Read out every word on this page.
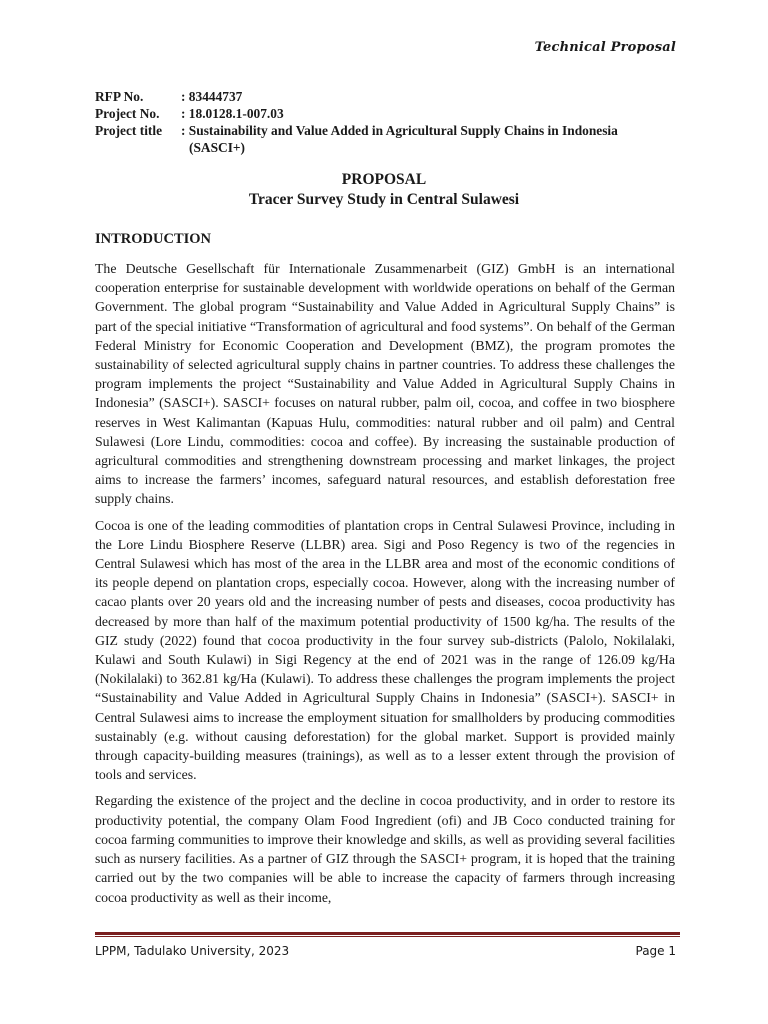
Technical Proposal
RFP No.	: 83444737
Project No.	: 18.0128.1-007.03
Project title	: Sustainability and Value Added in Agricultural Supply Chains in Indonesia
(SASCI+)
PROPOSAL
Tracer Survey Study in Central Sulawesi
INTRODUCTION

The Deutsche Gesellschaft für Internationale Zusammenarbeit (GIZ) GmbH is an international cooperation enterprise for sustainable development with worldwide operations on behalf of the German Government. The global program “Sustainability and Value Added in Agricultural Supply Chains” is part of the special initiative “Transformation of agricultural and food systems”. On behalf of the German Federal Ministry for Economic Cooperation and Development (BMZ), the program promotes the sustainability of selected agricultural supply chains in partner countries. To address these challenges the program implements the project “Sustainability and Value Added in Agricultural Supply Chains in Indonesia” (SASCI+). SASCI+ focuses on natural rubber, palm oil, cocoa, and coffee in two biosphere reserves in West Kalimantan (Kapuas Hulu, commodities: natural rubber and oil palm) and Central Sulawesi (Lore Lindu, commodities: cocoa and coffee). By increasing the sustainable production of agricultural commodities and strengthening downstream processing and market linkages, the project aims to increase the farmers’ incomes, safeguard natural resources, and establish deforestation free supply chains.

Cocoa is one of the leading commodities of plantation crops in Central Sulawesi Province, including in the Lore Lindu Biosphere Reserve (LLBR) area. Sigi and Poso Regency is two of the regencies in Central Sulawesi which has most of the area in the LLBR area and most of the economic conditions of its people depend on plantation crops, especially cocoa. However, along with the increasing number of cacao plants over 20 years old and the increasing number of pests and diseases, cocoa productivity has decreased by more than half of the maximum potential productivity of 1500 kg/ha. The results of the GIZ study (2022) found that cocoa productivity in the four survey sub-districts (Palolo, Nokilalaki, Kulawi and South Kulawi) in Sigi Regency at the end of 2021 was in the range of 126.09 kg/Ha (Nokilalaki) to 362.81 kg/Ha (Kulawi). To address these challenges the program implements the project “Sustainability and Value Added in Agricultural Supply Chains in Indonesia” (SASCI+). SASCI+ in Central Sulawesi aims to increase the employment situation for smallholders by producing commodities sustainably (e.g. without causing deforestation) for the global market. Support is provided mainly through capacity-building measures (trainings), as well as to a lesser extent through the provision of tools and services.

Regarding the existence of the project and the decline in cocoa productivity, and in order to restore its productivity potential, the company Olam Food Ingredient (ofi) and JB Coco conducted training for cocoa farming communities to improve their knowledge and skills, as well as providing several facilities such as nursery facilities. As a partner of GIZ through the SASCI+ program, it is hoped that the training carried out by the two companies will be able to increase the capacity of farmers through increasing cocoa productivity as well as their income,

LPPM, Tadulako University, 2023	Page 1
